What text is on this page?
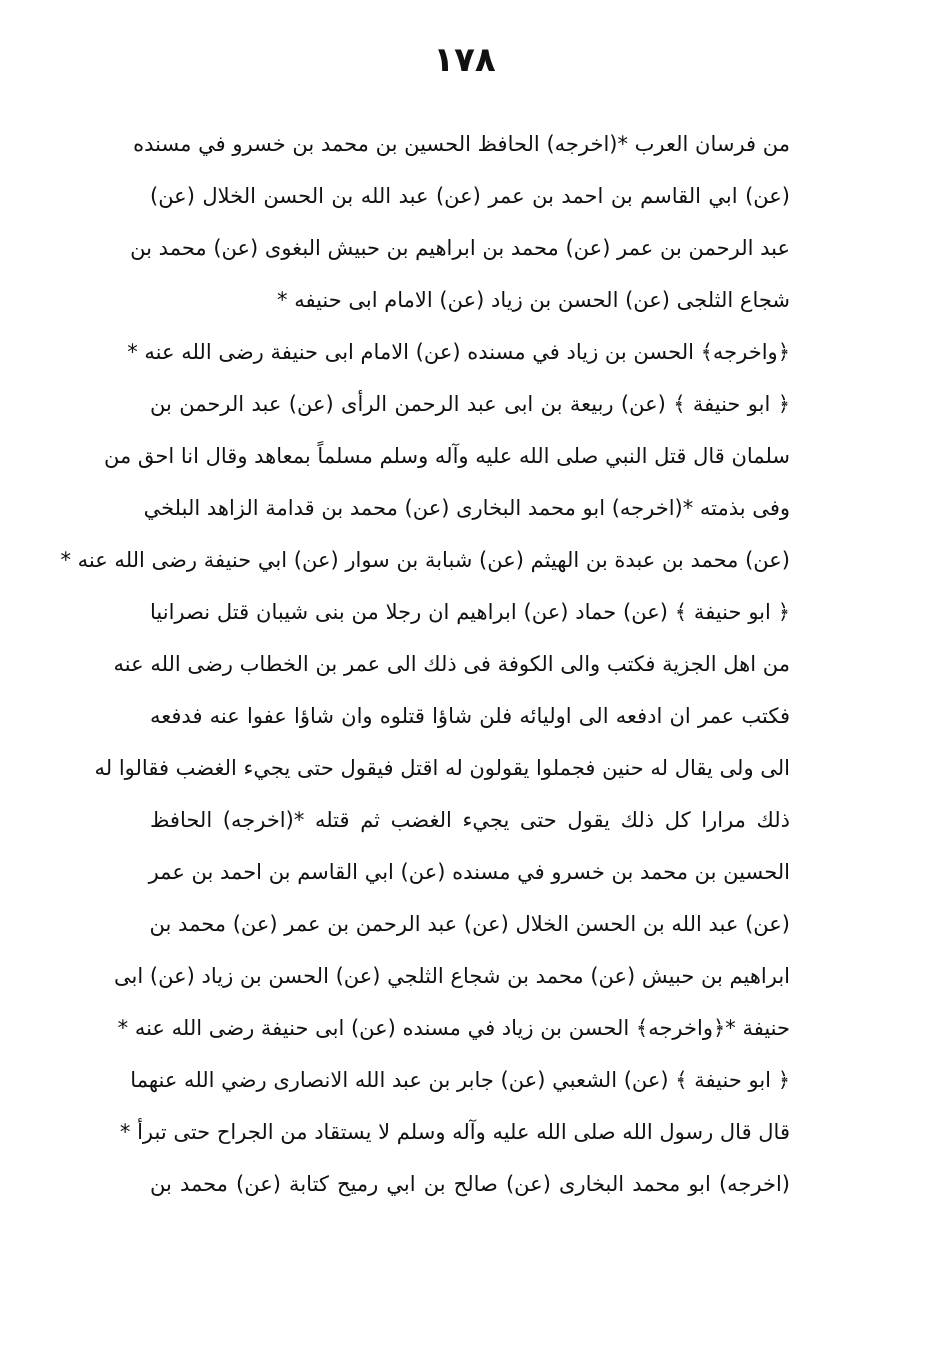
١٧٨
من فرسان العرب *(اخرجه) الحافظ الحسين بن محمد بن خسرو في مسنده
(عن) ابي القاسم بن احمد بن عمر (عن) عبد الله بن الحسن الخلال (عن)
عبد الرحمن بن عمر (عن) محمد بن ابراهيم بن حبيش البغوى (عن) محمد بن
شجاع الثلجى (عن) الحسن بن زياد (عن) الامام ابى حنيفه *
﴿واخرجه﴾ الحسن بن زياد في مسنده (عن) الامام ابى حنيفة رضى الله عنه *
﴿ ابو حنيفة ﴾ (عن) ربيعة بن ابى عبد الرحمن الرأى (عن) عبد الرحمن بن
سلمان قال قتل النبي صلى الله عليه وآله وسلم مسلماً بمعاهد وقال انا احق من
وفى بذمته *(اخرجه) ابو محمد البخارى (عن) محمد بن قدامة الزاهد البلخي
(عن) محمد بن عبدة بن الهيثم (عن) شبابة بن سوار (عن) ابي حنيفة رضى الله عنه *
﴿ ابو حنيفة ﴾ (عن) حماد (عن) ابراهيم ان رجلا من بنى شيبان قتل نصرانيا
من اهل الجزية فكتب والى الكوفة فى ذلك الى عمر بن الخطاب رضى الله عنه
فكتب عمر ان ادفعه الى اوليائه فلن شاؤا قتلوه وان شاؤا عفوا عنه فدفعه
الى ولى يقال له حنين فجملوا يقولون له اقتل فيقول حتى يجيء الغضب فقالوا له
ذلك مرارا كل ذلك يقول حتى يجيء الغضب ثم قتله *(اخرجه) الحافظ
الحسين بن محمد بن خسرو في مسنده (عن) ابي القاسم بن احمد بن عمر
(عن) عبد الله بن الحسن الخلال (عن) عبد الرحمن بن عمر (عن) محمد بن
ابراهيم بن حبيش (عن) محمد بن شجاع الثلجي (عن) الحسن بن زياد (عن) ابى
حنيفة *﴿واخرجه﴾ الحسن بن زياد في مسنده (عن) ابى حنيفة رضى الله عنه *
﴿ ابو حنيفة ﴾ (عن) الشعبي (عن) جابر بن عبد الله الانصارى رضي الله عنهما
قال قال رسول الله صلى الله عليه وآله وسلم لا يستقاد من الجراح حتى تبرأ *
(اخرجه) ابو محمد البخارى (عن) صالح بن ابي رميح كتابة (عن) محمد بن
